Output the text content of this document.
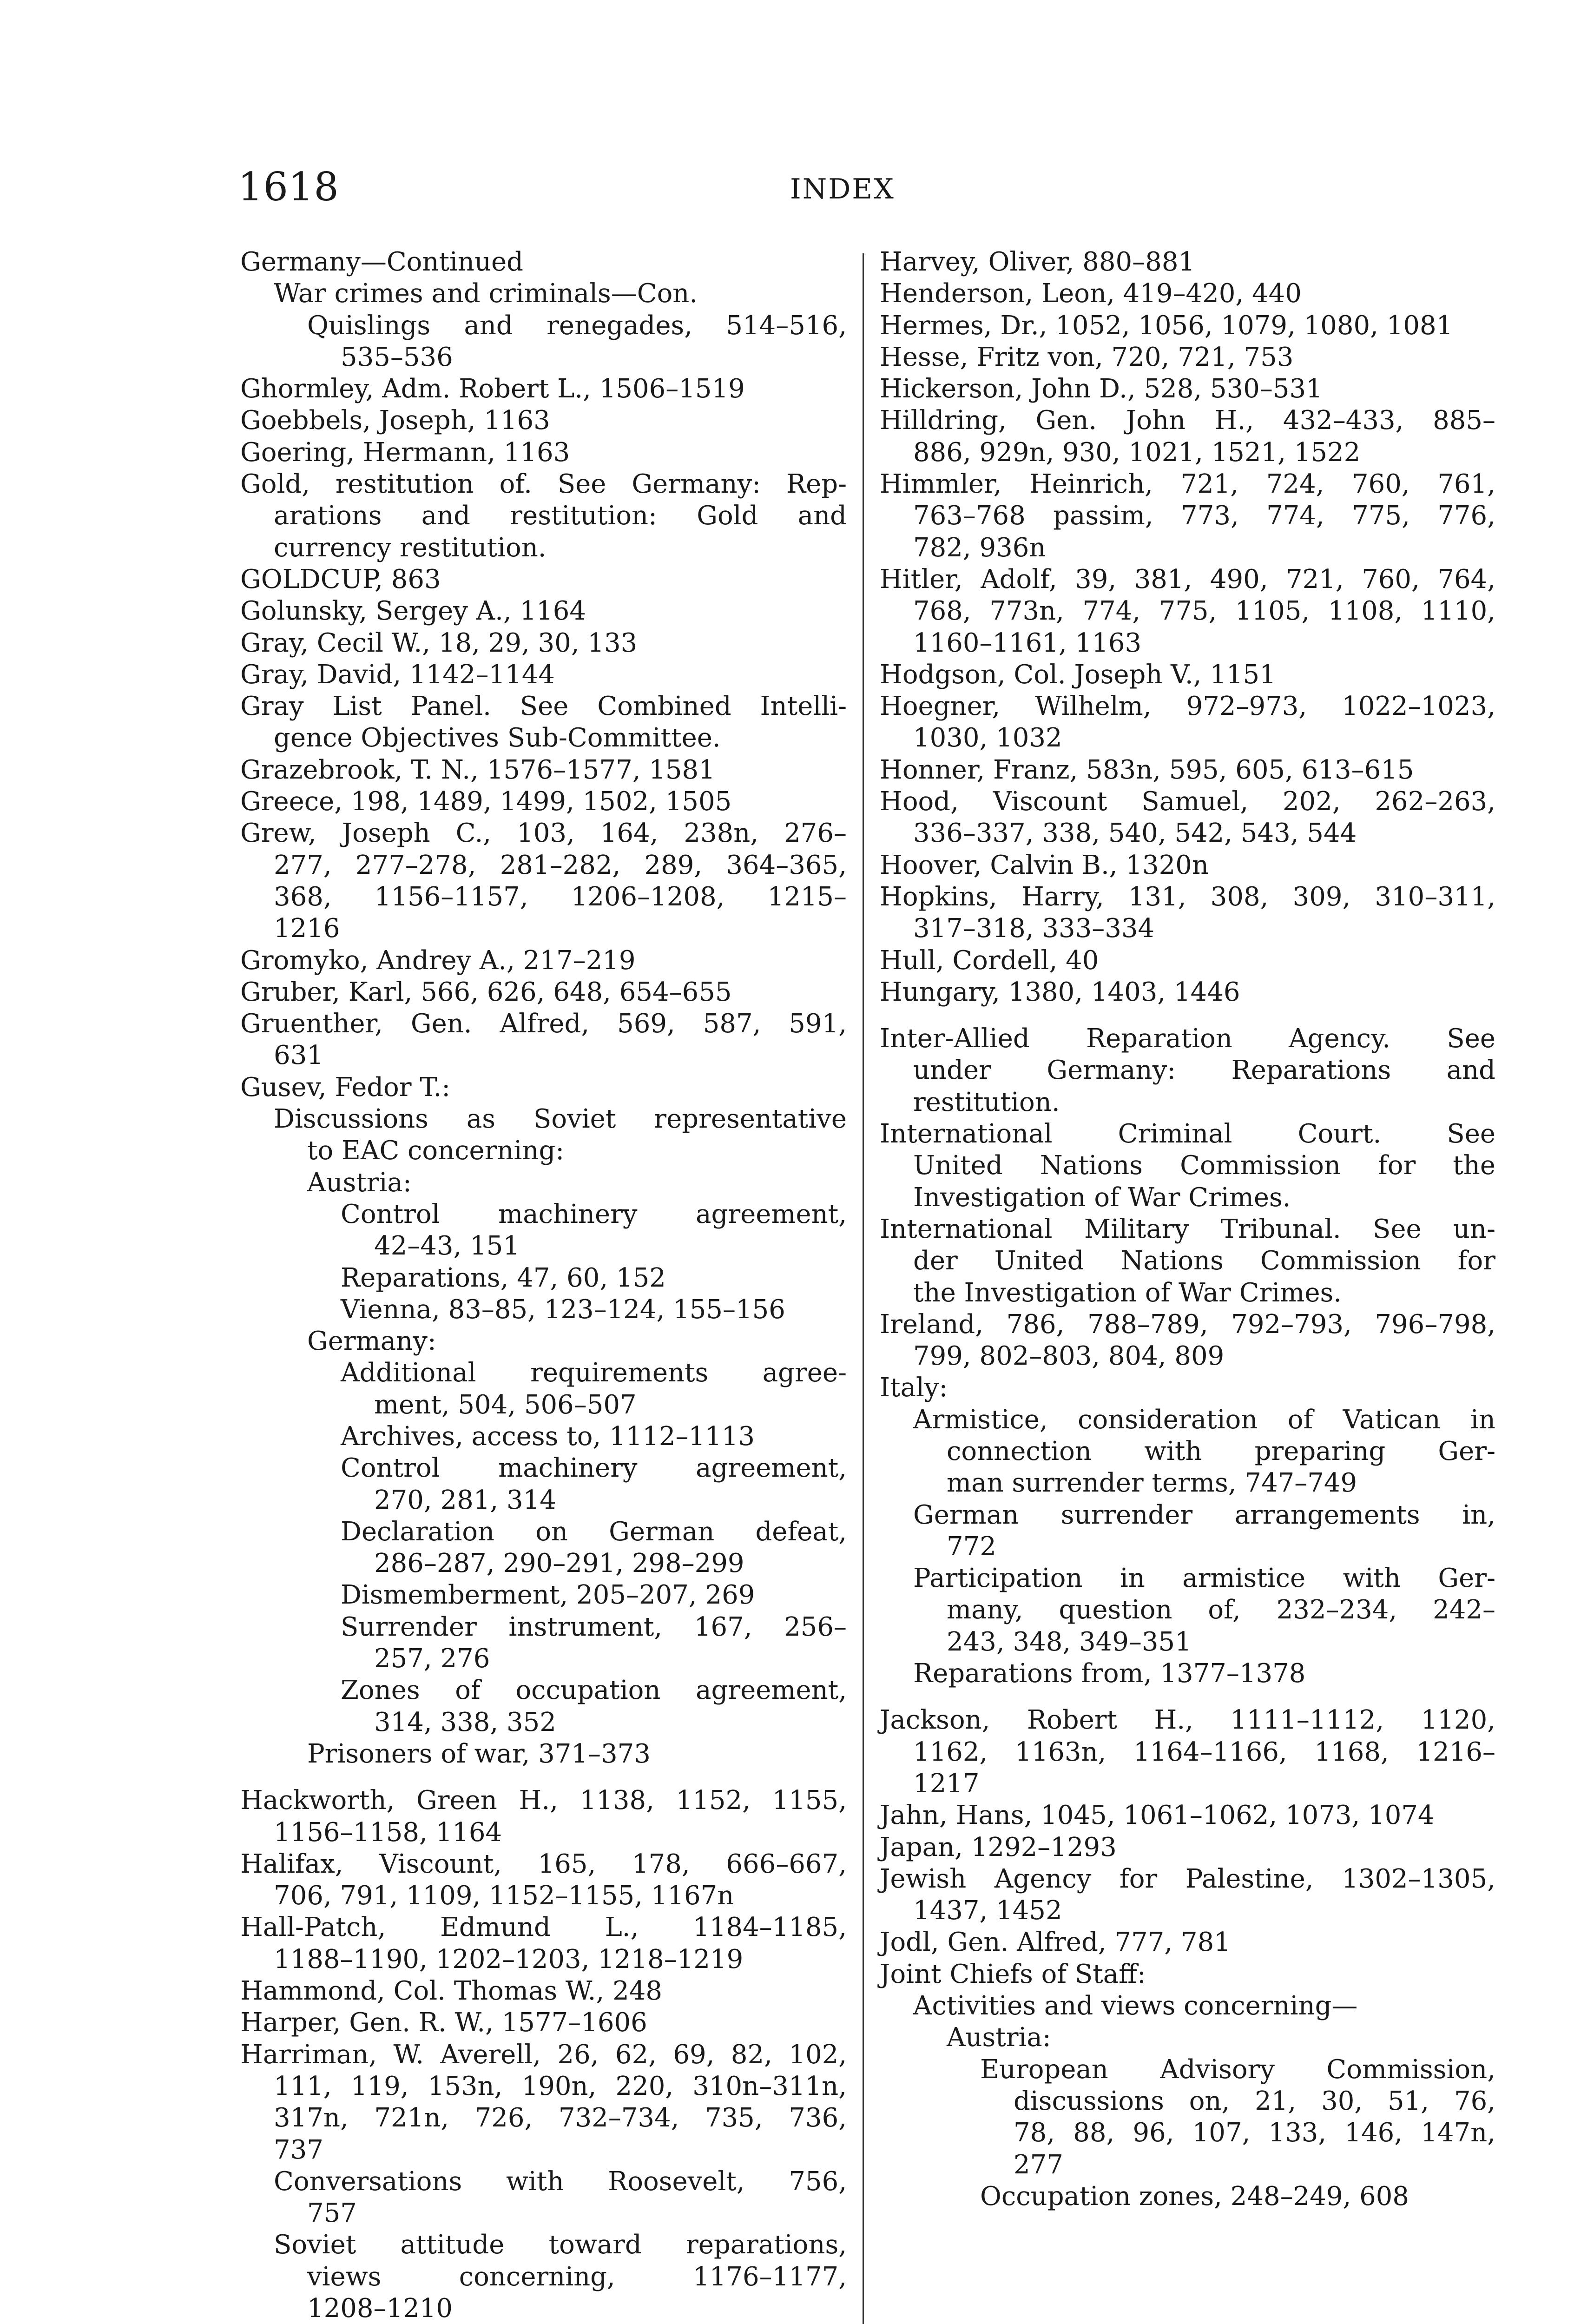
1618	INDEX
Germany—Continued
War crimes and criminals—Con.
Quislings and renegades, 514–516,
535–536
Ghormley, Adm. Robert L., 1506–1519
Goebbels, Joseph, 1163
Goering, Hermann, 1163
Gold, restitution of. See Germany: Rep-
arations and restitution: Gold and
currency restitution.
GOLDCUP, 863
Golunsky, Sergey A., 1164
Gray, Cecil W., 18, 29, 30, 133
Gray, David, 1142–1144
Gray List Panel. See Combined Intelli-
gence Objectives Sub-Committee.
Grazebrook, T. N., 1576–1577, 1581
Greece, 198, 1489, 1499, 1502, 1505
Grew, Joseph C., 103, 164, 238n, 276–
277, 277–278, 281–282, 289, 364–365,
368, 1156–1157, 1206–1208, 1215–
1216
Gromyko, Andrey A., 217–219
Gruber, Karl, 566, 626, 648, 654–655
Gruenther, Gen. Alfred, 569, 587, 591,
631
Gusev, Fedor T.:
Discussions as Soviet representative
to EAC concerning:
Austria:
Control machinery agreement,
42–43, 151
Reparations, 47, 60, 152
Vienna, 83–85, 123–124, 155–156
Germany:
Additional requirements agree-
ment, 504, 506–507
Archives, access to, 1112–1113
Control machinery agreement,
270, 281, 314
Declaration on German defeat,
286–287, 290–291, 298–299
Dismemberment, 205–207, 269
Surrender instrument, 167, 256–
257, 276
Zones of occupation agreement,
314, 338, 352
Prisoners of war, 371–373
Hackworth, Green H., 1138, 1152, 1155,
1156–1158, 1164
Halifax, Viscount, 165, 178, 666–667,
706, 791, 1109, 1152–1155, 1167n
Hall-Patch, Edmund L., 1184–1185,
1188–1190, 1202–1203, 1218–1219
Hammond, Col. Thomas W., 248
Harper, Gen. R. W., 1577–1606
Harriman, W. Averell, 26, 62, 69, 82, 102,
111, 119, 153n, 190n, 220, 310n–311n,
317n, 721n, 726, 732–734, 735, 736,
737
Conversations with Roosevelt, 756,
757
Soviet attitude toward reparations,
views concerning, 1176–1177,
1208–1210
Harvey, Oliver, 880–881
Henderson, Leon, 419–420, 440
Hermes, Dr., 1052, 1056, 1079, 1080, 1081
Hesse, Fritz von, 720, 721, 753
Hickerson, John D., 528, 530–531
Hilldring, Gen. John H., 432–433, 885–
886, 929n, 930, 1021, 1521, 1522
Himmler, Heinrich, 721, 724, 760, 761,
763–768 passim, 773, 774, 775, 776,
782, 936n
Hitler, Adolf, 39, 381, 490, 721, 760, 764,
768, 773n, 774, 775, 1105, 1108, 1110,
1160–1161, 1163
Hodgson, Col. Joseph V., 1151
Hoegner, Wilhelm, 972–973, 1022–1023,
1030, 1032
Honner, Franz, 583n, 595, 605, 613–615
Hood, Viscount Samuel, 202, 262–263,
336–337, 338, 540, 542, 543, 544
Hoover, Calvin B., 1320n
Hopkins, Harry, 131, 308, 309, 310–311,
317–318, 333–334
Hull, Cordell, 40
Hungary, 1380, 1403, 1446
Inter-Allied Reparation Agency. See
under Germany: Reparations and
restitution.
International Criminal Court. See
United Nations Commission for the
Investigation of War Crimes.
International Military Tribunal. See un-
der United Nations Commission for
the Investigation of War Crimes.
Ireland, 786, 788–789, 792–793, 796–798,
799, 802–803, 804, 809
Italy:
Armistice, consideration of Vatican in
connection with preparing Ger-
man surrender terms, 747–749
German surrender arrangements in,
772
Participation in armistice with Ger-
many, question of, 232–234, 242–
243, 348, 349–351
Reparations from, 1377–1378
Jackson, Robert H., 1111–1112, 1120,
1162, 1163n, 1164–1166, 1168, 1216–
1217
Jahn, Hans, 1045, 1061–1062, 1073, 1074
Japan, 1292–1293
Jewish Agency for Palestine, 1302–1305,
1437, 1452
Jodl, Gen. Alfred, 777, 781
Joint Chiefs of Staff:
Activities and views concerning—
Austria:
European Advisory Commission,
discussions on, 21, 30, 51, 76,
78, 88, 96, 107, 133, 146, 147n,
277
Occupation zones, 248–249, 608
